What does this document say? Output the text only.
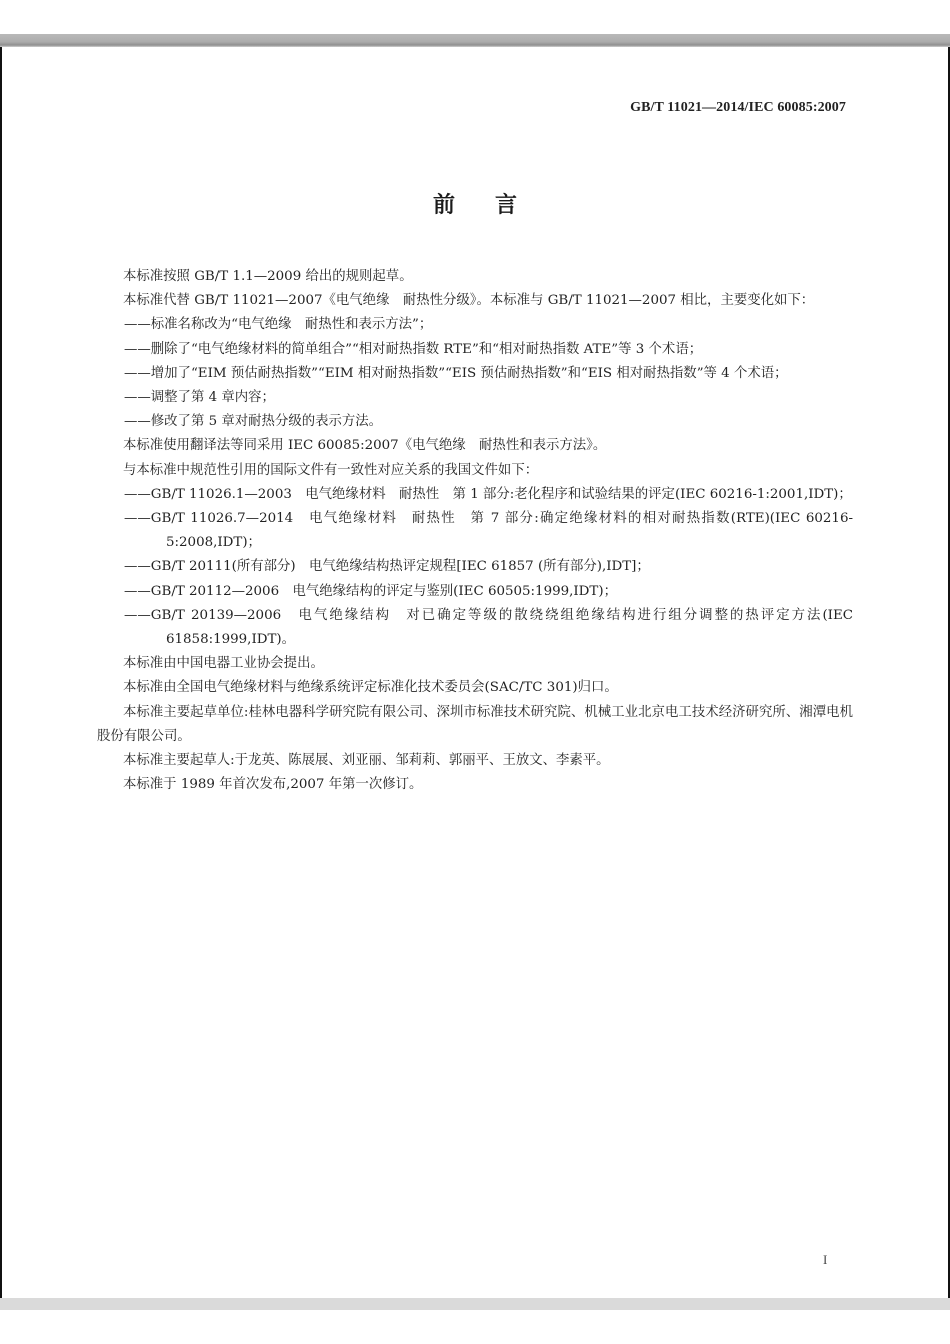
GB/T 11021—2014/IEC 60085:2007
前言

本标准按照 GB/T 1.1—2009 给出的规则起草。

本标准代替 GB/T 11021—2007《电气绝缘　耐热性分级》。本标准与 GB/T 11021—2007 相比，主要变化如下：

——标准名称改为“电气绝缘　耐热性和表示方法”；

——删除了“电气绝缘材料的简单组合”“相对耐热指数 RTE”和“相对耐热指数 ATE”等 3 个术语；

——增加了“EIM 预估耐热指数”“EIM 相对耐热指数”“EIS 预估耐热指数”和“EIS 相对耐热指数”等 4 个术语；

——调整了第 4 章内容；

——修改了第 5 章对耐热分级的表示方法。

本标准使用翻译法等同采用 IEC 60085:2007《电气绝缘　耐热性和表示方法》。

与本标准中规范性引用的国际文件有一致性对应关系的我国文件如下：

——GB/T 11026.1—2003　电气绝缘材料　耐热性　第 1 部分:老化程序和试验结果的评定(IEC 60216-1:2001,IDT)；

——GB/T 11026.7—2014　电气绝缘材料　耐热性　第 7 部分:确定绝缘材料的相对耐热指数(RTE)(IEC 60216-5:2008,IDT)；

——GB/T 20111(所有部分)　电气绝缘结构热评定规程[IEC 61857 (所有部分),IDT]；

——GB/T 20112—2006　电气绝缘结构的评定与鉴别(IEC 60505:1999,IDT)；

——GB/T 20139—2006　电气绝缘结构　对已确定等级的散绕绕组绝缘结构进行组分调整的热评定方法(IEC 61858:1999,IDT)。

本标准由中国电器工业协会提出。

本标准由全国电气绝缘材料与绝缘系统评定标准化技术委员会(SAC/TC 301)归口。

本标准主要起草单位:桂林电器科学研究院有限公司、深圳市标准技术研究院、机械工业北京电工技术经济研究所、湘潭电机股份有限公司。

本标准主要起草人:于龙英、陈展展、刘亚丽、邹莉莉、郭丽平、王放文、李素平。

本标准于 1989 年首次发布,2007 年第一次修订。

I
